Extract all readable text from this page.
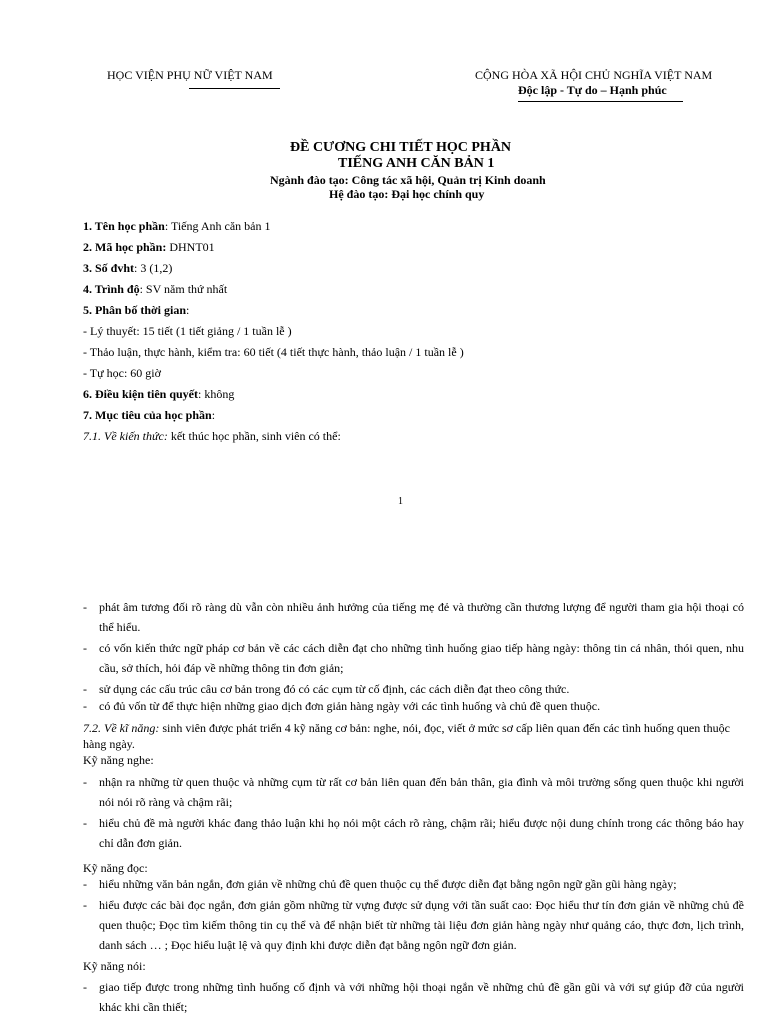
HỌC VIỆN PHỤ NỮ VIỆT NAM	CỘNG HÒA XÃ HỘI CHỦ NGHĨA VIỆT NAM
Độc lập - Tự do – Hạnh phúc
ĐỀ CƯƠNG CHI TIẾT HỌC PHẦN
TIẾNG ANH CĂN BẢN 1
Ngành đào tạo: Công tác xã hội, Quản trị Kinh doanh
Hệ đào tạo: Đại học chính quy
1. Tên học phần: Tiếng Anh căn bản 1
2. Mã học phần: DHNT01
3. Số đvht: 3 (1,2)
4. Trình độ: SV năm thứ nhất
5. Phân bố thời gian:
- Lý thuyết: 15 tiết (1 tiết giảng / 1 tuần lễ )
- Thảo luận, thực hành, kiểm tra: 60 tiết (4 tiết thực hành, thảo luận / 1 tuần lễ )
- Tự học: 60 giờ
6. Điều kiện tiên quyết: không
7. Mục tiêu của học phần:
7.1. Về kiến thức: kết thúc học phần, sinh viên có thể:
1
- phát âm tương đối rõ ràng dù vẫn còn nhiều ảnh hưởng của tiếng mẹ đẻ và thường cần thương lượng để người tham gia hội thoại có thể hiểu.
- có vốn kiến thức ngữ pháp cơ bản về các cách diễn đạt cho những tình huống giao tiếp hàng ngày: thông tin cá nhân, thói quen, nhu cầu, sở thích, hỏi đáp về những thông tin đơn giản;
- sử dụng các cấu trúc câu cơ bản trong đó có các cụm từ cố định, các cách diễn đạt theo công thức.
- có đủ vốn từ để thực hiện những giao dịch đơn giản hàng ngày với các tình huống và chủ đề quen thuộc.
7.2. Về kĩ năng: sinh viên được phát triển 4 kỹ năng cơ bản: nghe, nói, đọc, viết ở mức sơ cấp liên quan đến các tình huống quen thuộc hàng ngày.
Kỹ năng nghe:
- nhận ra những từ quen thuộc và những cụm từ rất cơ bản liên quan đến bản thân, gia đình và môi trường sống quen thuộc khi người nói nói rõ ràng và chậm rãi;
- hiểu chủ đề mà người khác đang thảo luận khi họ nói một cách rõ ràng, chậm rãi; hiểu được nội dung chính trong các thông báo hay chỉ dẫn đơn giản.
Kỹ năng đọc:
- hiểu những văn bản ngắn, đơn giản về những chủ đề quen thuộc cụ thể được diễn đạt bằng ngôn ngữ gần gũi hàng ngày;
- hiểu được các bài đọc ngắn, đơn giản gồm những từ vựng được sử dụng với tần suất cao: Đọc hiểu thư tín đơn giản về những chủ đề quen thuộc; Đọc tìm kiếm thông tin cụ thể và để nhận biết từ những tài liệu đơn giản hàng ngày như quảng cáo, thực đơn, lịch trình, danh sách … ; Đọc hiểu luật lệ và quy định khi được diễn đạt bằng ngôn ngữ đơn giản.
Kỹ năng nói:
- giao tiếp được trong những tình huống cố định và với những hội thoại ngắn về những chủ đề gần gũi và với sự giúp đỡ của người khác khi cần thiết;
